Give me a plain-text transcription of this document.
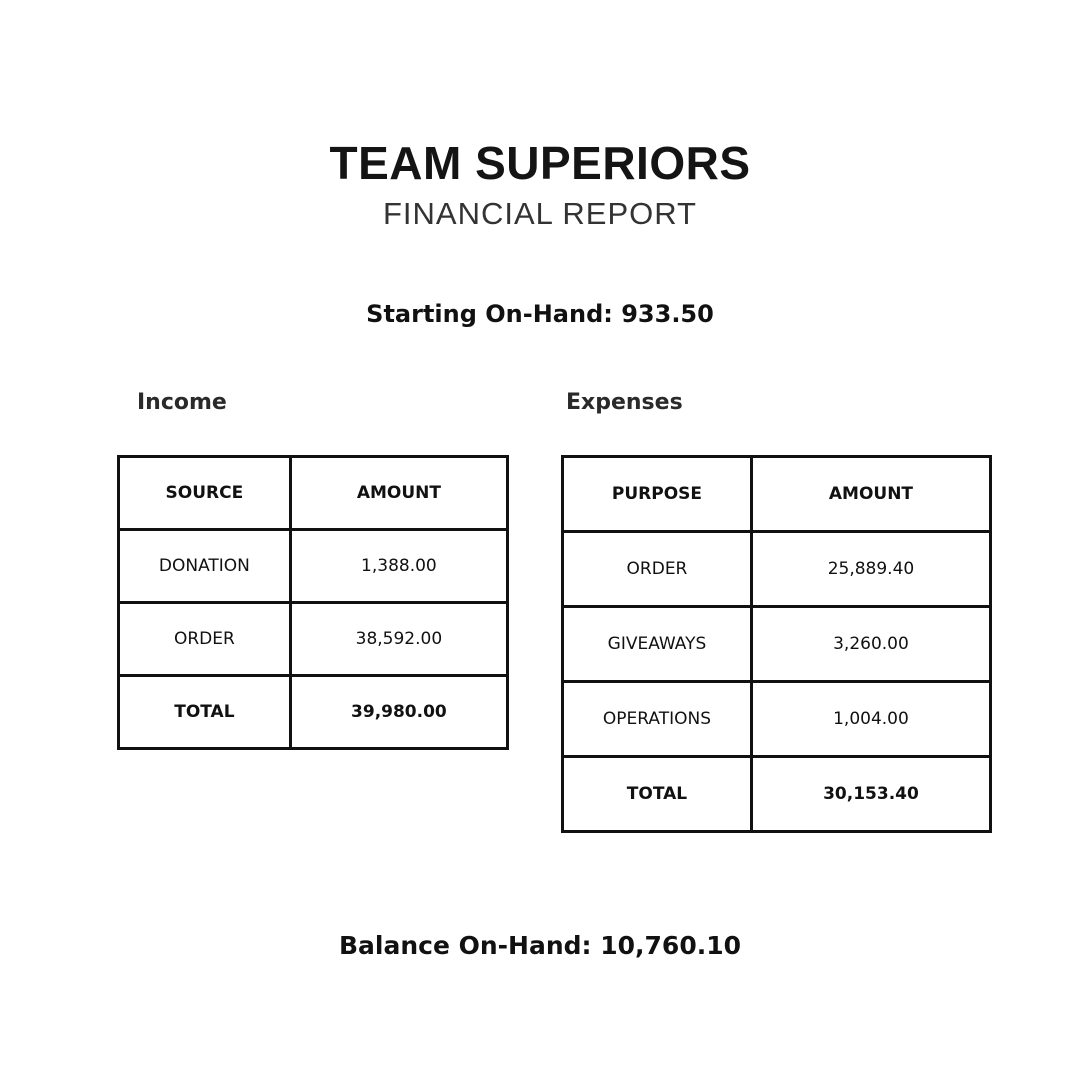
TEAM SUPERIORS
FINANCIAL REPORT
Starting On-Hand: 933.50
Income	Expenses
SOURCE	AMOUNT
DONATION	1,388.00
ORDER	38,592.00
TOTAL	39,980.00
PURPOSE	AMOUNT
ORDER	25,889.40
GIVEAWAYS	3,260.00
OPERATIONS	1,004.00
TOTAL	30,153.40
Balance On-Hand: 10,760.10
